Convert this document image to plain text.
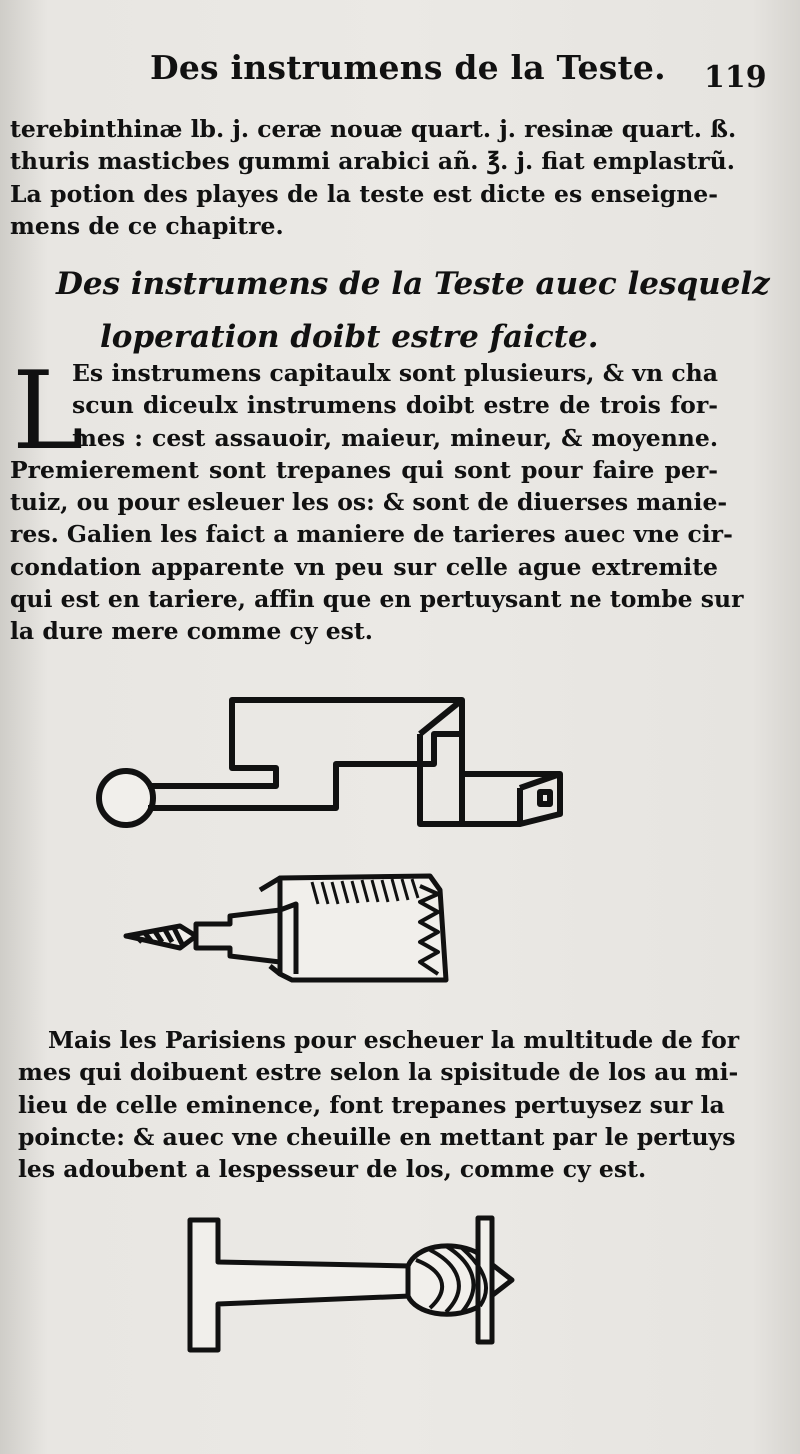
Des instrumens de la Teste. 119
terebinthinæ lb. j. ceræ nouæ quart. j. resinæ quart. ß.
thuris masticbes gummi arabici añ. ℥. j. fiat emplastrũ.
La potion des playes de la teste est dicte es enseigne-
mens de ce chapitre.
Des instrumens de la Teste auec lesquelz
loperation doibt estre faicte.
L
Es instrumens capitaulx sont plusieurs, & vn cha
scun diceulx instrumens doibt estre de trois for-
mes : cest assauoir, maieur, mineur, & moyenne.
Premierement sont trepanes qui sont pour faire per-
tuiz, ou pour esleuer les os: & sont de diuerses manie-
res. Galien les faict a maniere de tarieres auec vne cir-
condation apparente vn peu sur celle ague extremite
qui est en tariere, affin que en pertuysant ne tombe sur
la dure mere comme cy est.
Mais les Parisiens pour escheuer la multitude de for
mes qui doibuent estre selon la spisitude de los au mi-
lieu de celle eminence, font trepanes pertuysez sur la
poincte: & auec vne cheuille en mettant par le pertuys
les adoubent a lespesseur de los, comme cy est.
